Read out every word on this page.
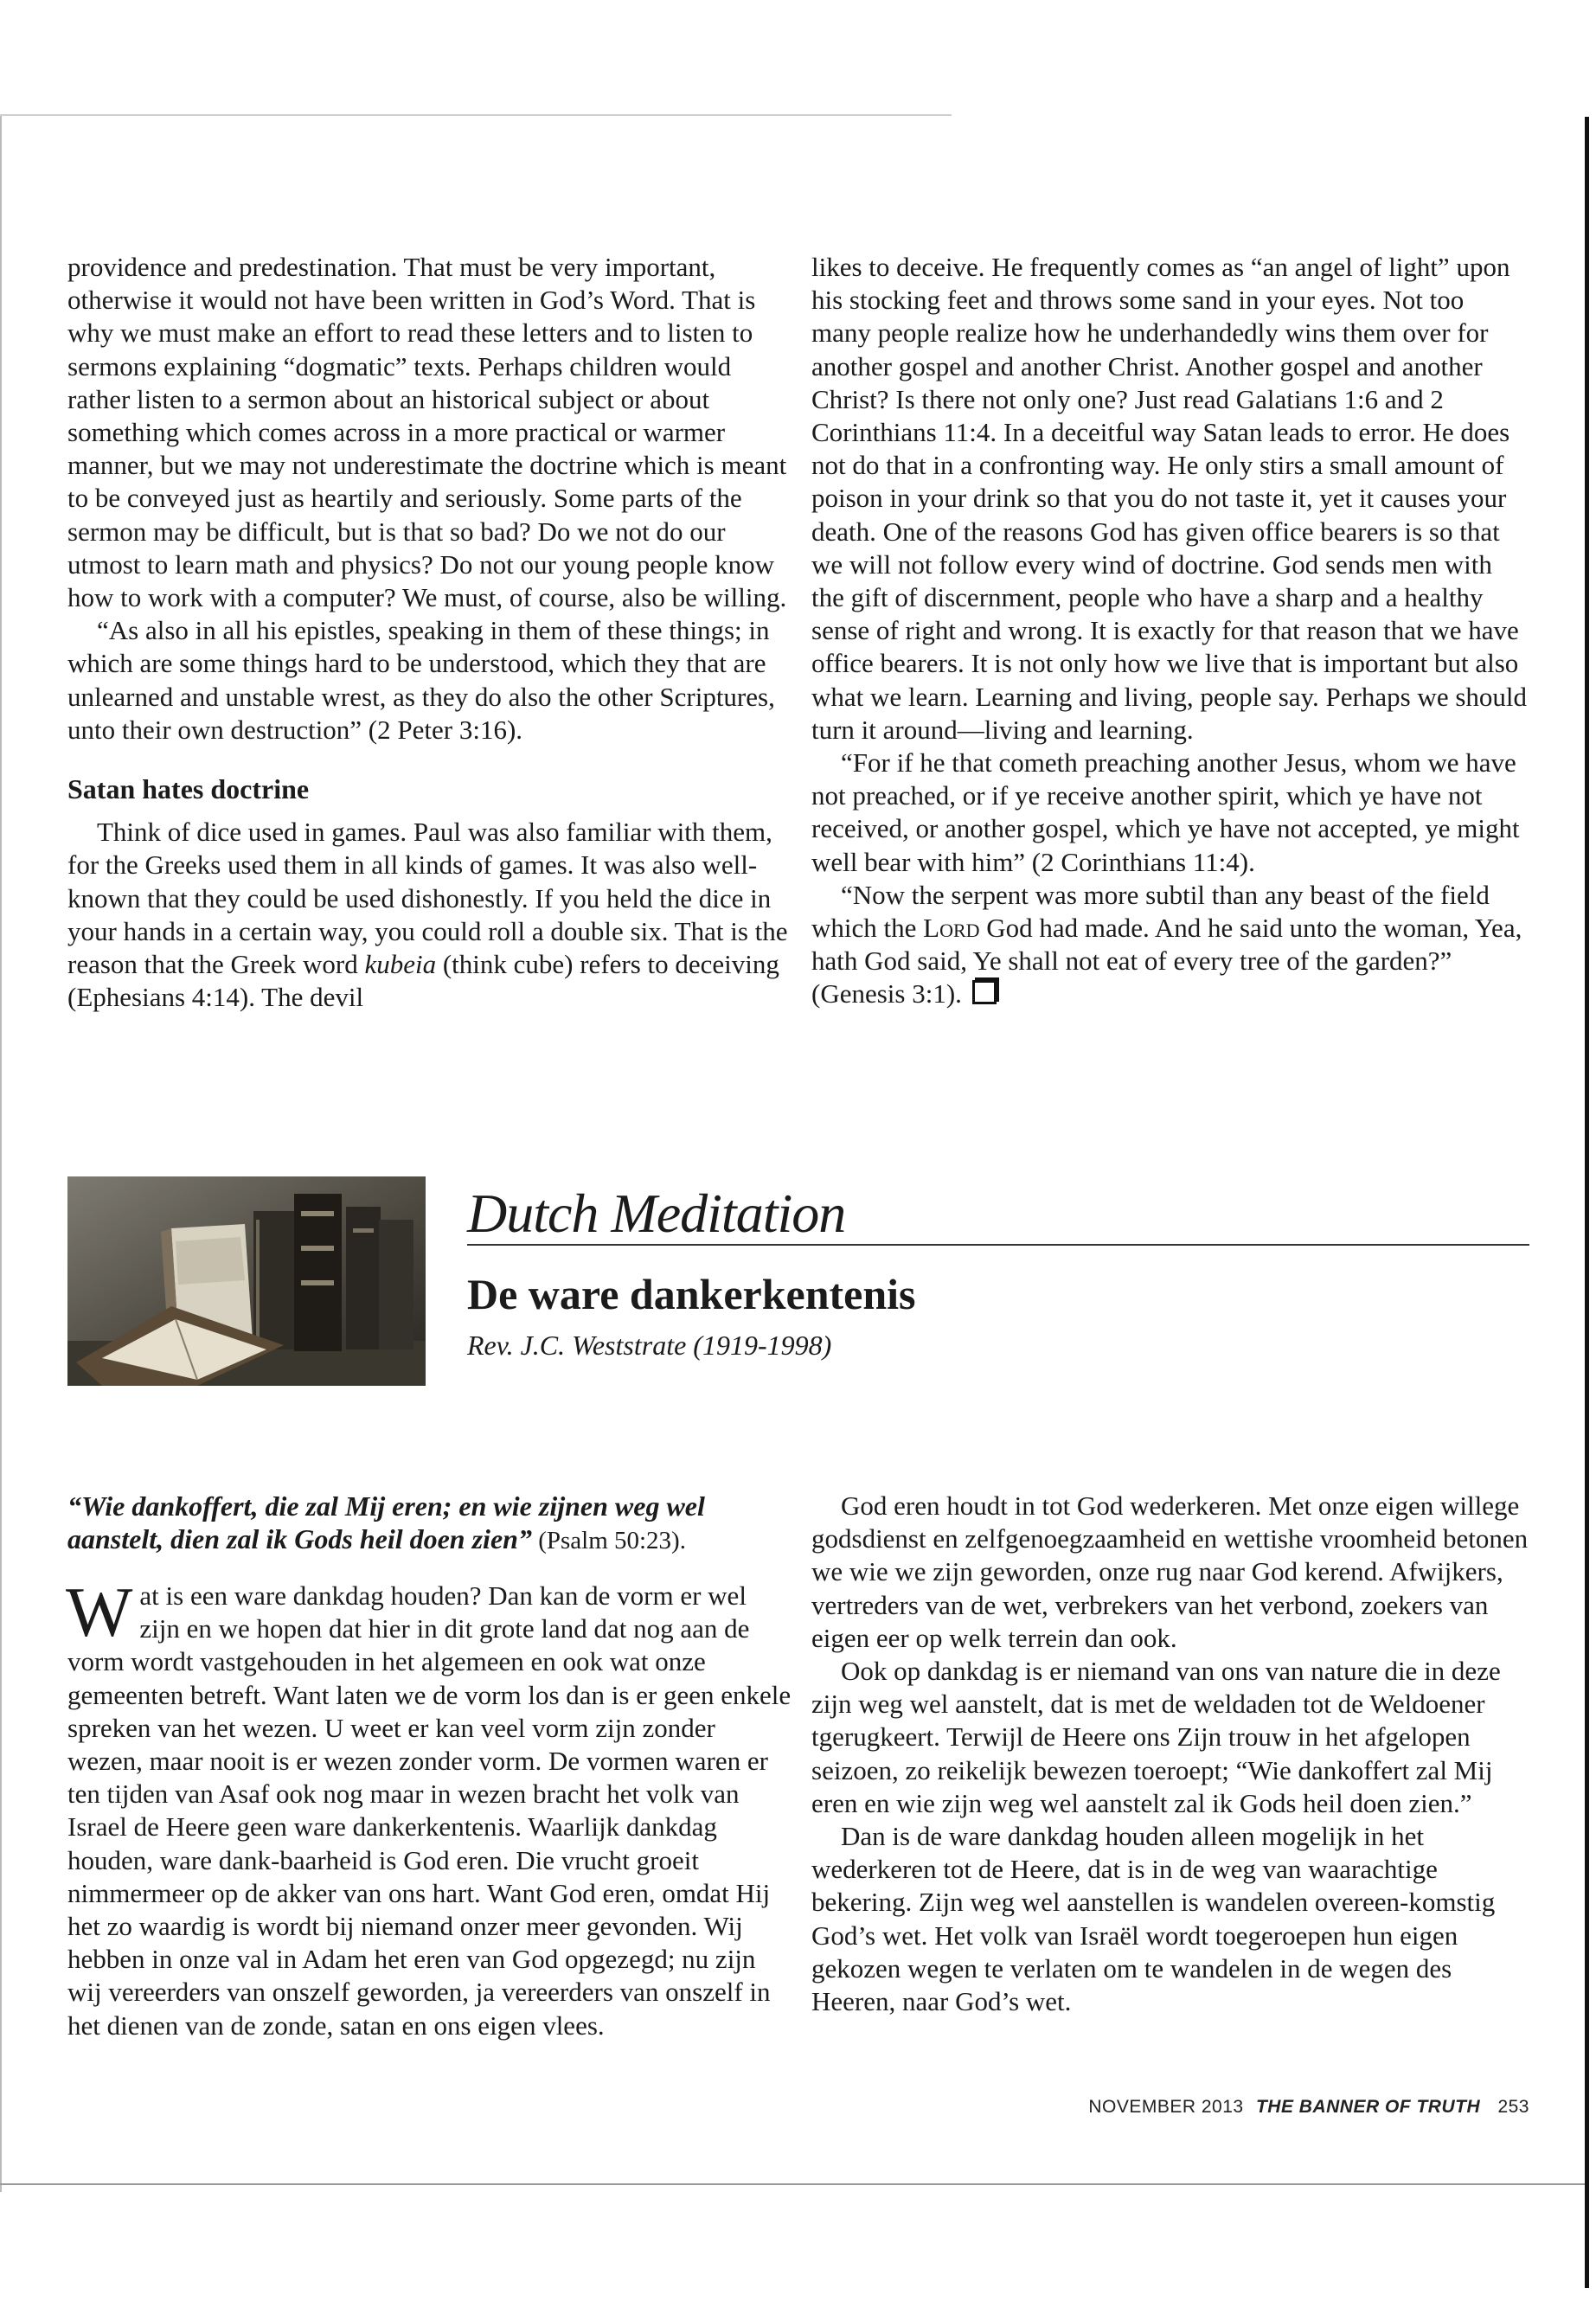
providence and predestination. That must be very important, otherwise it would not have been written in God’s Word. That is why we must make an effort to read these letters and to listen to sermons explaining “dogmatic” texts. Perhaps children would rather listen to a sermon about an historical subject or about something which comes across in a more practical or warmer manner, but we may not underestimate the doctrine which is meant to be conveyed just as heartily and seriously. Some parts of the sermon may be difficult, but is that so bad? Do we not do our utmost to learn math and physics? Do not our young people know how to work with a computer? We must, of course, also be willing.

“As also in all his epistles, speaking in them of these things; in which are some things hard to be understood, which they that are unlearned and unstable wrest, as they do also the other Scriptures, unto their own destruction” (2 Peter 3:16).

Satan hates doctrine

Think of dice used in games. Paul was also familiar with them, for the Greeks used them in all kinds of games. It was also well-known that they could be used dishonestly. If you held the dice in your hands in a certain way, you could roll a double six. That is the reason that the Greek word kubeia (think cube) refers to deceiving (Ephesians 4:14). The devil

likes to deceive. He frequently comes as “an angel of light” upon his stocking feet and throws some sand in your eyes. Not too many people realize how he underhandedly wins them over for another gospel and another Christ. Another gospel and another Christ? Is there not only one? Just read Galatians 1:6 and 2 Corinthians 11:4. In a deceitful way Satan leads to error. He does not do that in a confronting way. He only stirs a small amount of poison in your drink so that you do not taste it, yet it causes your death. One of the reasons God has given office bearers is so that we will not follow every wind of doctrine. God sends men with the gift of discernment, people who have a sharp and a healthy sense of right and wrong. It is exactly for that reason that we have office bearers. It is not only how we live that is important but also what we learn. Learning and living, people say. Perhaps we should turn it around—living and learning.

“For if he that cometh preaching another Jesus, whom we have not preached, or if ye receive another spirit, which ye have not received, or another gospel, which ye have not accepted, ye might well bear with him” (2 Corinthians 11:4).

“Now the serpent was more subtil than any beast of the field which the Lord God had made. And he said unto the woman, Yea, hath God said, Ye shall not eat of every tree of the garden?” (Genesis 3:1).

Dutch Meditation
De ware dankerkentenis
Rev. J.C. Weststrate (1919-1998)

“Wie dankoffert, die zal Mij eren; en wie zijnen weg wel aanstelt, dien zal ik Gods heil doen zien” (Psalm 50:23).

Wat is een ware dankdag houden? Dan kan de vorm er wel zijn en we hopen dat hier in dit grote land dat nog aan de vorm wordt vastgehouden in het algemeen en ook wat onze gemeenten betreft. Want laten we de vorm los dan is er geen enkele spreken van het wezen. U weet er kan veel vorm zijn zonder wezen, maar nooit is er wezen zonder vorm. De vormen waren er ten tijden van Asaf ook nog maar in wezen bracht het volk van Israel de Heere geen ware dankerkentenis. Waarlijk dankdag houden, ware dank-baarheid is God eren. Die vrucht groeit nimmermeer op de akker van ons hart. Want God eren, omdat Hij het zo waardig is wordt bij niemand onzer meer gevonden. Wij hebben in onze val in Adam het eren van God opgezegd; nu zijn wij vereerders van onszelf geworden, ja vereerders van onszelf in het dienen van de zonde, satan en ons eigen vlees.

God eren houdt in tot God wederkeren. Met onze eigen willege godsdienst en zelfgenoegzaamheid en wettishe vroomheid betonen we wie we zijn geworden, onze rug naar God kerend. Afwijkers, vertreders van de wet, verbrekers van het verbond, zoekers van eigen eer op welk terrein dan ook.

Ook op dankdag is er niemand van ons van nature die in deze zijn weg wel aanstelt, dat is met de weldaden tot de Weldoener tgerugkeert. Terwijl de Heere ons Zijn trouw in het afgelopen seizoen, zo reikelijk bewezen toeroept; “Wie dankoffert zal Mij eren en wie zijn weg wel aanstelt zal ik Gods heil doen zien.”

Dan is de ware dankdag houden alleen mogelijk in het wederkeren tot de Heere, dat is in de weg van waarachtige bekering. Zijn weg wel aanstellen is wandelen overeen-komstig God’s wet. Het volk van Israël wordt toegeroepen hun eigen gekozen wegen te verlaten om te wandelen in de wegen des Heeren, naar God’s wet.

NOVEMBER 2013 THE BANNER OF TRUTH 253
